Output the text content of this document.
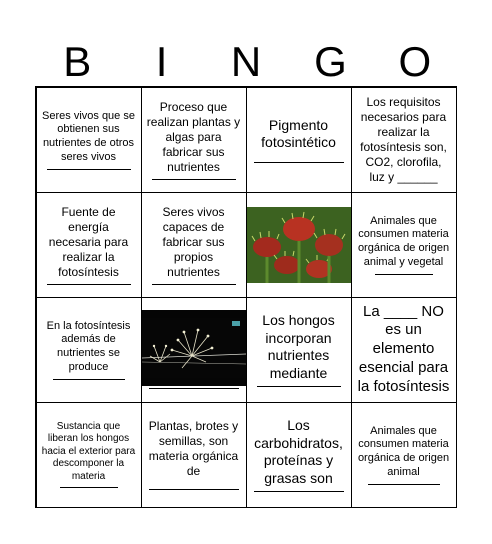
B	I	N	G	O
Seres vivos que se obtienen sus nutrientes de otros seres vivos
Proceso que realizan plantas y algas para fabricar sus nutrientes
Pigmento fotosintético
Los requisitos necesarios para realizar la fotosíntesis son, CO2, clorofila, luz y ______
Fuente de energía necesaria para realizar la fotosíntesis
Seres vivos capaces de fabricar sus propios nutrientes
Animales que consumen materia orgánica de origen animal y vegetal
En la fotosíntesis además de nutrientes se produce
Los hongos incorporan nutrientes mediante
La ____ NO es un elemento esencial para la fotosíntesis
Sustancia que liberan los hongos hacia el exterior para descomponer la materia
Plantas, brotes y semillas, son materia orgánica de
Los carbohidratos, proteínas y grasas son
Animales que consumen materia orgánica de origen animal
